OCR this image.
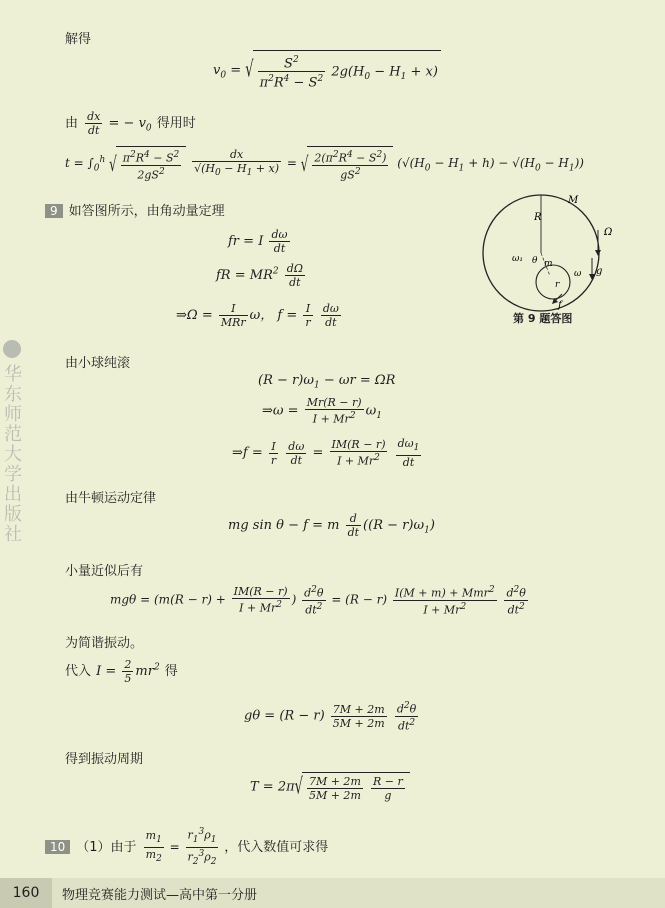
华东师范大学出版社
解得
$v_0$ = √ $\frac{S^2}{\pi^2R^4 - S^2} 2g(H_0 - H_1 + x)$
由 $\frac{dx}{dt}$ = − $v_0$ 得用时
$t = \int_0^h$ √ $\frac{\pi^2R^4 - S^2}{2gS^2}$
$\frac{dx}{√(H_0 - H_1 + x)}$ = √ $\frac{2(\pi^2R^4 - S^2)}{gS^2} (√(H_0 - H_1 + h) - √(H_0 - H_1))$
9 如答图所示，由角动量定理
fr = I $\frac{d\omega}{dt}$
fR = $MR^2 \frac{d\Omega}{dt}$
⇒Ω = $\frac{I}{\text{MRr}}$ ω， $f = \frac{I}{r}$
$\frac{d\omega}{dt}$
M
R
Ω
m
r
ω
ω₁ θ
g
f
第 9 题答图
由小球纯滚
$(R - r)\omega_1 - \omega r = \Omega R$
⇒ω = $\frac{Mr(R - r)}{I + Mr^2} \omega_1$
⇒f = $\frac{I}{r}$
$\frac{d\omega}{dt} = \frac{IM(R - r)}{I + Mr^2}$
$\frac{d\omega_1}{dt}$
由牛顿运动定律
mg sin θ − f = m $\frac{d}{dt} ((R - r)\omega_1)$
小量近似后有
$mg\theta = (m(R - r) + \frac{IM(R - r)}{I + Mr^2}$ ) $\frac{d^2\theta}{dt^2} = (R - r) \frac{I(M + m) + Mmr^2}{I + Mr^2}$
$\frac{d^2\theta}{dt^2}$
为简谐振动。
代入 $I = \frac{2}{5} mr^2$ 得
$g\theta = (R - r) \frac{7M + 2m}{5M + 2m}$
$\frac{d^2\theta}{dt^2}$
得到振动周期
$T = 2\pi√ \frac{7M + 2m}{5M + 2m}$
$\frac{R - r}{g}$
10 （1）由于 $\frac{m_1}{m_2} = \frac{r_1^3\rho_1}{r_2^3\rho_2}$ ，代入数值可求得
160	物理竞赛能力测试—高中第一分册
